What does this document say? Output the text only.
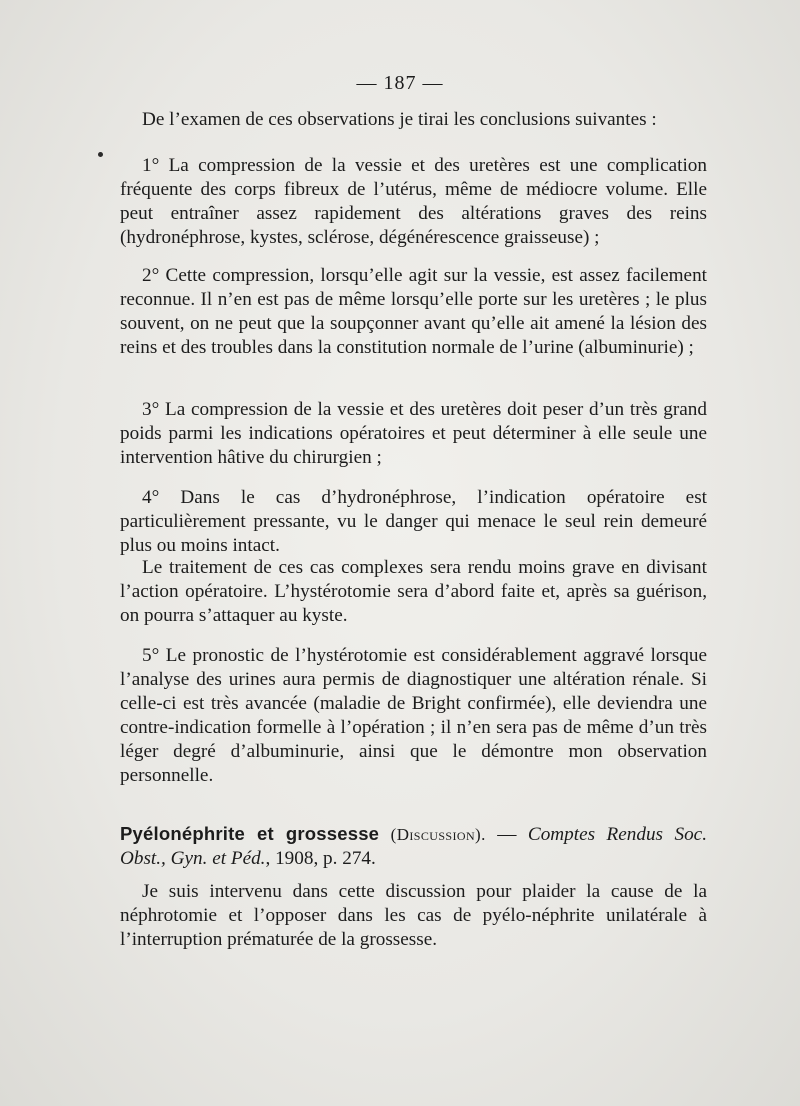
— 187 —

De l’examen de ces observations je tirai les conclusions suivantes :

1° La compression de la vessie et des uretères est une complication fréquente des corps fibreux de l’utérus, même de médiocre volume. Elle peut entraîner assez rapidement des altérations graves des reins (hydronéphrose, kystes, sclérose, dégénérescence graisseuse) ;

2° Cette compression, lorsqu’elle agit sur la vessie, est assez facilement reconnue. Il n’en est pas de même lorsqu’elle porte sur les uretères ; le plus souvent, on ne peut que la soupçonner avant qu’elle ait amené la lésion des reins et des troubles dans la constitution normale de l’urine (albuminurie) ;

3° La compression de la vessie et des uretères doit peser d’un très grand poids parmi les indications opératoires et peut déterminer à elle seule une intervention hâtive du chirurgien ;

4° Dans le cas d’hydronéphrose, l’indication opératoire est particulièrement pressante, vu le danger qui menace le seul rein demeuré plus ou moins intact.

Le traitement de ces cas complexes sera rendu moins grave en divisant l’action opératoire. L’hystérotomie sera d’abord faite et, après sa guérison, on pourra s’attaquer au kyste.

5° Le pronostic de l’hystérotomie est considérablement aggravé lorsque l’analyse des urines aura permis de diagnostiquer une altération rénale. Si celle-ci est très avancée (maladie de Bright confirmée), elle deviendra une contre-indication formelle à l’opération ; il n’en sera pas de même d’un très léger degré d’albuminurie, ainsi que le démontre mon observation personnelle.

Pyélonéphrite et grossesse (Discussion). — Comptes Rendus Soc. Obst., Gyn. et Péd., 1908, p. 274.

Je suis intervenu dans cette discussion pour plaider la cause de la néphrotomie et l’opposer dans les cas de pyélo-néphrite unilatérale à l’interruption prématurée de la grossesse.
